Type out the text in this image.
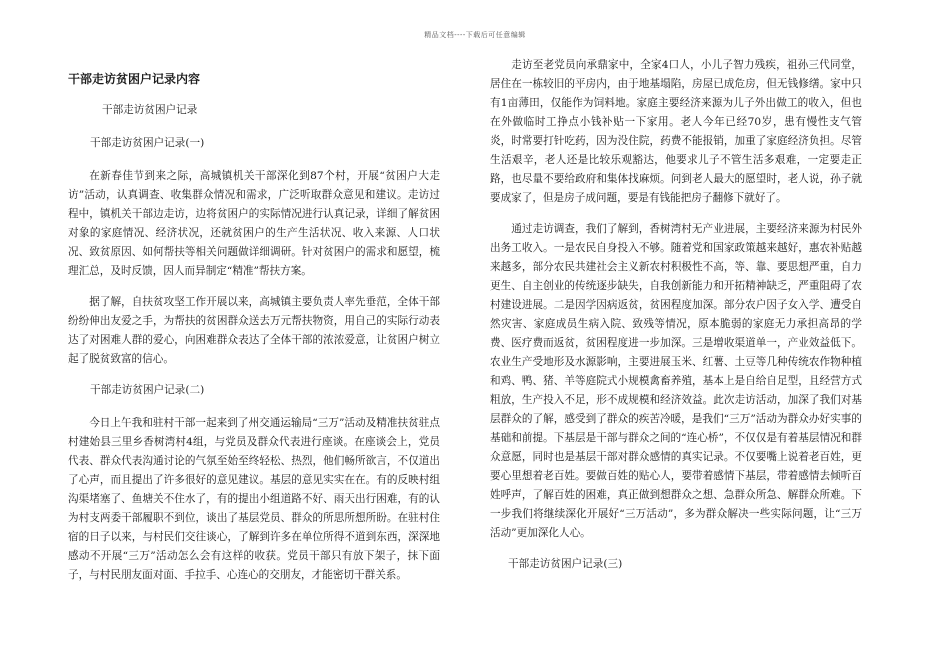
精品文档----下载后可任意编辑

干部走访贫困户记录内容

干部走访贫困户记录

干部走访贫困户记录(一)

在新春佳节到来之际，高城镇机关干部深化到87个村，开展“贫困户大走访”活动，认真调查、收集群众情况和需求，广泛听取群众意见和建议。走访过程中，镇机关干部边走访，边将贫困户的实际情况进行认真记录，详细了解贫困对象的家庭情况、经济状况，还就贫困户的生产生活状况、收入来源、人口状况、致贫原因、如何帮扶等相关问题做详细调研。针对贫困户的需求和愿望，梳理汇总，及时反馈，因人而异制定“精准”帮扶方案。

据了解，自扶贫攻坚工作开展以来，高城镇主要负责人率先垂范，全体干部纷纷伸出友爱之手，为帮扶的贫困群众送去万元帮扶物资，用自己的实际行动表达了对困难人群的爱心，向困难群众表达了全体干部的浓浓爱意，让贫困户树立起了脱贫致富的信心。

干部走访贫困户记录(二)

今日上午我和驻村干部一起来到了州交通运输局“三万”活动及精准扶贫驻点村建始县三里乡香树湾村4组，与党员及群众代表进行座谈。在座谈会上，党员代表、群众代表沟通讨论的气氛至始至终轻松、热烈，他们畅所欲言，不仅道出了心声，而且提出了许多很好的意见建议。基层的意见实实在在。有的反映村组沟渠堵塞了、鱼塘关不住水了，有的提出小组道路不好、雨天出行困难，有的认为村支两委干部履职不到位，谈出了基层党员、群众的所思所想所盼。在驻村住宿的日子以来，与村民们交往谈心，了解到许多在单位所得不道到东西，深深地感动不开展“三万”活动怎么会有这样的收获。党员干部只有放下架子，抹下面子，与村民朋友面对面、手拉手、心连心的交朋友，才能密切干群关系。

走访至老党员向承鼎家中，全家4口人，小儿子智力残疾，祖孙三代同堂，居住在一栋较旧的平房内，由于地基塌陷，房屋已成危房，但无钱修缮。家中只有1亩薄田，仅能作为饲料地。家庭主要经济来源为儿子外出做工的收入，但也在外做临时工挣点小钱补贴一下家用。老人今年已经70岁，患有慢性支气管炎，时常要打针吃药，因为没住院，药费不能报销，加重了家庭经济负担。尽管生活艰辛，老人还是比较乐观豁达，他要求儿子不管生活多艰难，一定要走正路，也尽量不要给政府和集体找麻烦。问到老人最大的愿望时，老人说，孙子就要成家了，但是房子成问题，要是有钱能把房子翻修下就好了。

通过走访调查，我们了解到，香树湾村无产业进展，主要经济来源为村民外出务工收入。一是农民自身投入不够。随着党和国家政策越来越好，惠农补贴越来越多，部分农民共建社会主义新农村积极性不高，等、靠、要思想严重，自力更生、自主创业的传统逐步缺失，自我创新能力和开拓精神缺乏，严重阻碍了农村建设进展。二是因学因病返贫，贫困程度加深。部分农户因子女入学、遭受自然灾害、家庭成员生病入院、致残等情况，原本脆弱的家庭无力承担高昂的学费、医疗费而返贫，贫困程度进一步加深。三是增收渠道单一，产业效益低下。农业生产受地形及水源影响，主要进展玉米、红薯、土豆等几种传统农作物种植和鸡、鸭、猪、羊等庭院式小规模禽畜养殖，基本上是自给自足型，且经营方式粗放，生产投入不足，形不成规模和经济效益。此次走访活动，加深了我们对基层群众的了解，感受到了群众的疾苦冷暖，是我们“三万”活动为群众办好实事的基础和前提。下基层是干部与群众之间的“连心桥”，不仅仅是有着基层情况和群众意愿，同时也是基层干部对群众感情的真实记录。不仅要嘴上说着老百姓，更要心里想着老百姓。要做百姓的贴心人，要带着感情下基层，带着感情去倾听百姓呼声，了解百姓的困难，真正做到想群众之想、急群众所急、解群众所难。下一步我们将继续深化开展好“三万活动”，多为群众解决一些实际问题，让“三万活动”更加深化人心。

干部走访贫困户记录(三)
